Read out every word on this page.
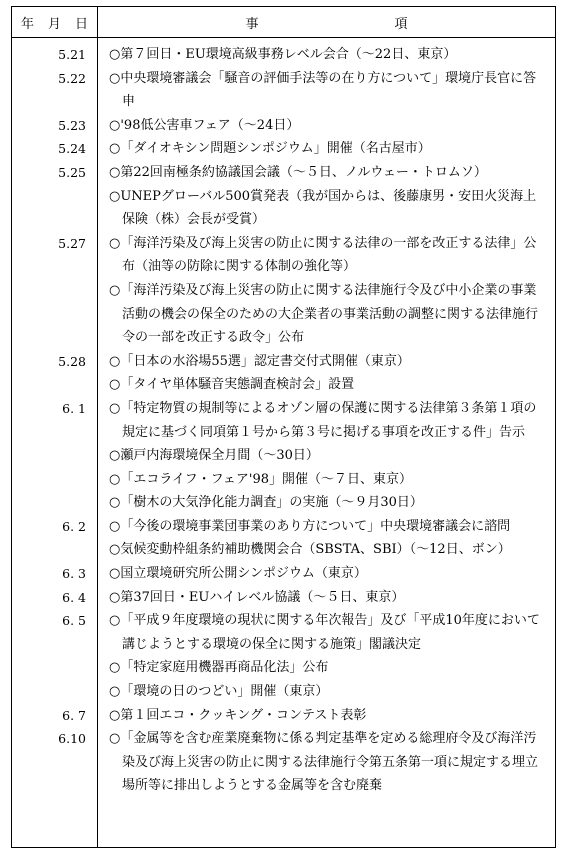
年 月 日	事	項
5.21 ○第７回日・EU環境高級事務レベル会合（～22日、東京）
5.22 ○中央環境審議会「騒音の評価手法等の在り方について」環境庁長官に答申
5.23 ○'98低公害車フェア（～24日）
5.24 ○「ダイオキシン問題シンポジウム」開催（名古屋市）
5.25 ○第22回南極条約協議国会議（～５日、ノルウェー・トロムソ）
○UNEPグローバル500賞発表（我が国からは、後藤康男・安田火災海上保険（株）会長が受賞）
5.27 ○「海洋汚染及び海上災害の防止に関する法律の一部を改正する法律」公布（油等の防除に関する体制の強化等）
○「海洋汚染及び海上災害の防止に関する法律施行令及び中小企業の事業活動の機会の保全のための大企業者の事業活動の調整に関する法律施行令の一部を改正する政令」公布
5.28 ○「日本の水浴場55選」認定書交付式開催（東京）
○「タイヤ単体騒音実態調査検討会」設置
6. 1 ○「特定物質の規制等によるオゾン層の保護に関する法律第３条第１項の規定に基づく同項第１号から第３号に掲げる事項を改正する件」告示
○瀬戸内海環境保全月間（～30日）
○「エコライフ・フェア'98」開催（～７日、東京）
○「樹木の大気浄化能力調査」の実施（～９月30日）
6. 2 ○「今後の環境事業団事業のあり方について」中央環境審議会に諮問
○気候変動枠組条約補助機関会合（SBSTA、SBI）（～12日、ボン）
6. 3 ○国立環境研究所公開シンポジウム（東京）
6. 4 ○第37回日・EUハイレベル協議（～５日、東京）
6. 5 ○「平成９年度環境の現状に関する年次報告」及び「平成10年度において講じようとする環境の保全に関する施策」閣議決定
○「特定家庭用機器再商品化法」公布
○「環境の日のつどい」開催（東京）
6. 7 ○第１回エコ・クッキング・コンテスト表彰
6.10 ○「金属等を含む産業廃棄物に係る判定基準を定める総理府令及び海洋汚染及び海上災害の防止に関する法律施行令第五条第一項に規定する埋立場所等に排出しようとする金属等を含む廃棄
